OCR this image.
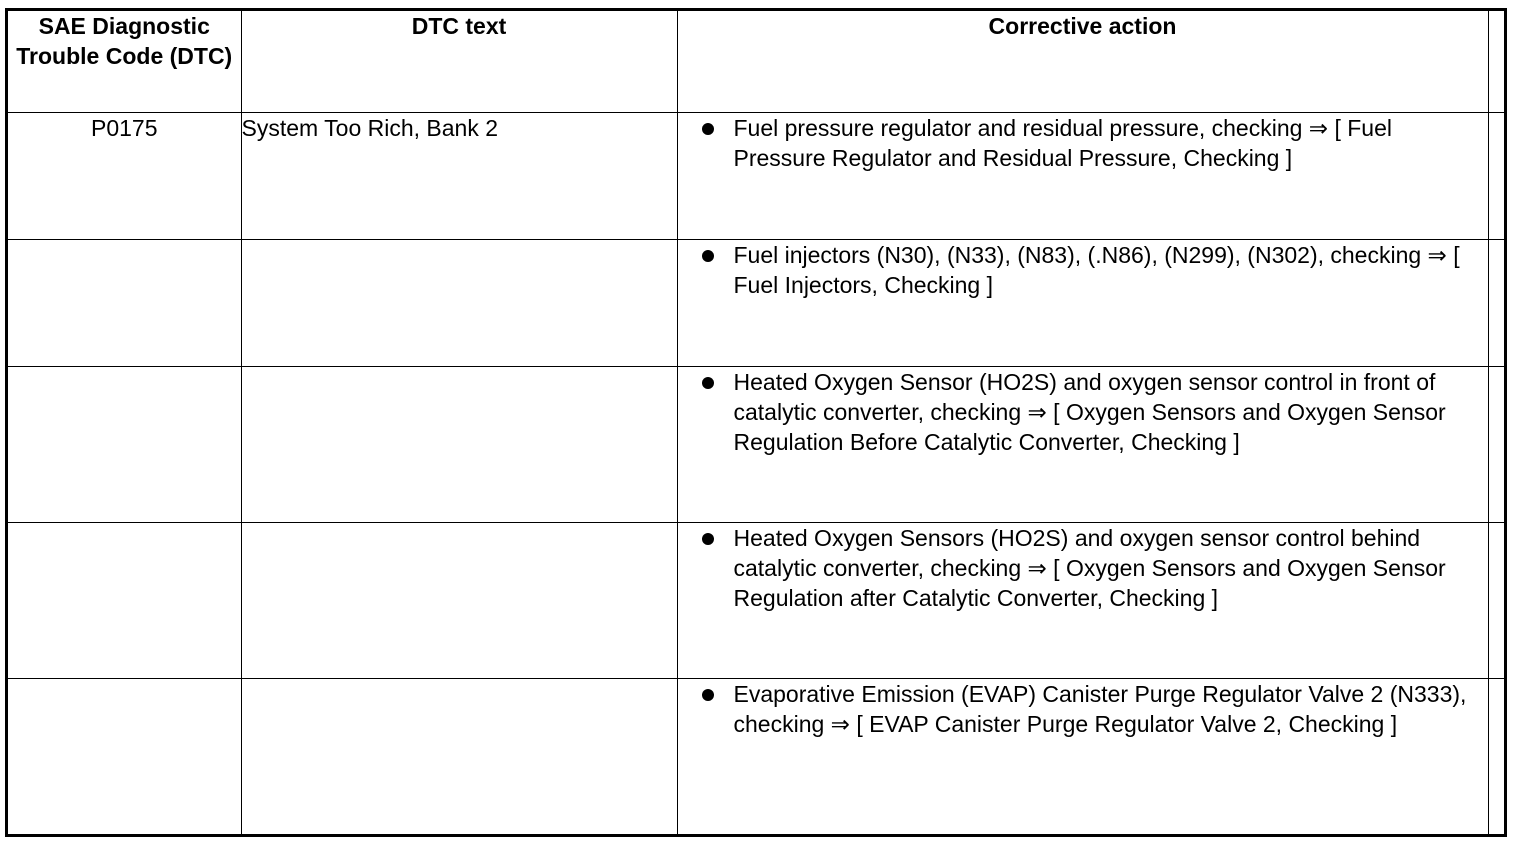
SAE Diagnostic Trouble Code (DTC)	DTC text	Corrective action	
P0175	System Too Rich, Bank 2	Fuel pressure regulator and residual pressure, checking ⇒ [ Fuel Pressure Regulator and Residual Pressure, Checking ]	

		Fuel injectors (N30), (N33), (N83), (.N86), (N299), (N302), checking ⇒ [ Fuel Injectors, Checking ]	

		Heated Oxygen Sensor (HO2S) and oxygen sensor control in front of catalytic converter, checking ⇒ [ Oxygen Sensors and Oxygen Sensor Regulation Before Catalytic Converter, Checking ]	

		Heated Oxygen Sensors (HO2S) and oxygen sensor control behind catalytic converter, checking ⇒ [ Oxygen Sensors and Oxygen Sensor Regulation after Catalytic Converter, Checking ]	

		Evaporative Emission (EVAP) Canister Purge Regulator Valve 2 (N333), checking ⇒ [ EVAP Canister Purge Regulator Valve 2, Checking ]	
